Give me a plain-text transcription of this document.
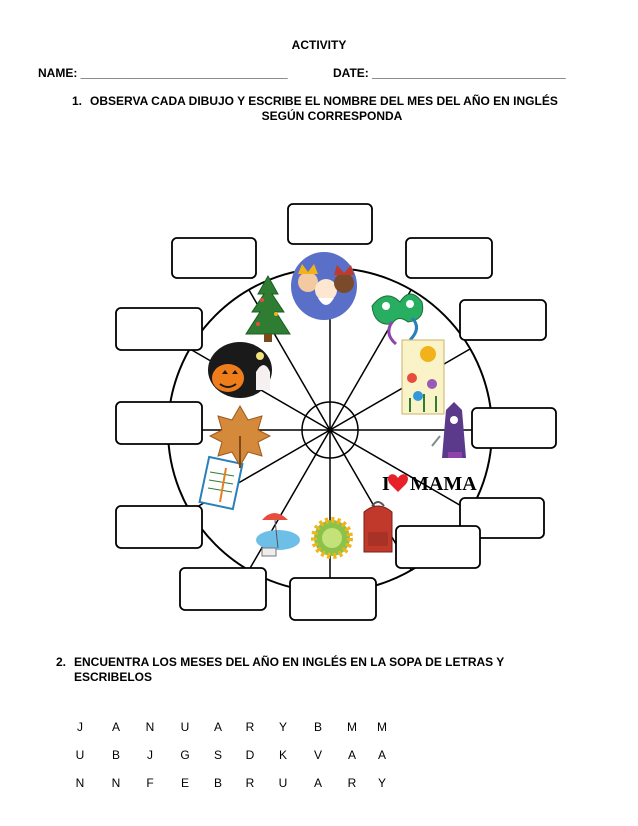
ACTIVITY
NAME: _______________________________	DATE: _____________________________
1. OBSERVA CADA DIBUJO Y ESCRIBE EL NOMBRE DEL MES DEL AÑO EN INGLÉS
SEGÚN CORRESPONDA
I MAMA
2. ENCUENTRA LOS MESES DEL AÑO EN INGLÉS EN LA SOPA DE LETRAS Y
ESCRIBELOS
J	A	N	U	A	R	Y	B	M	M
U	B	J	G	S	D	K	V	A	A
N	N	F	E	B	R	U	A	R	Y
